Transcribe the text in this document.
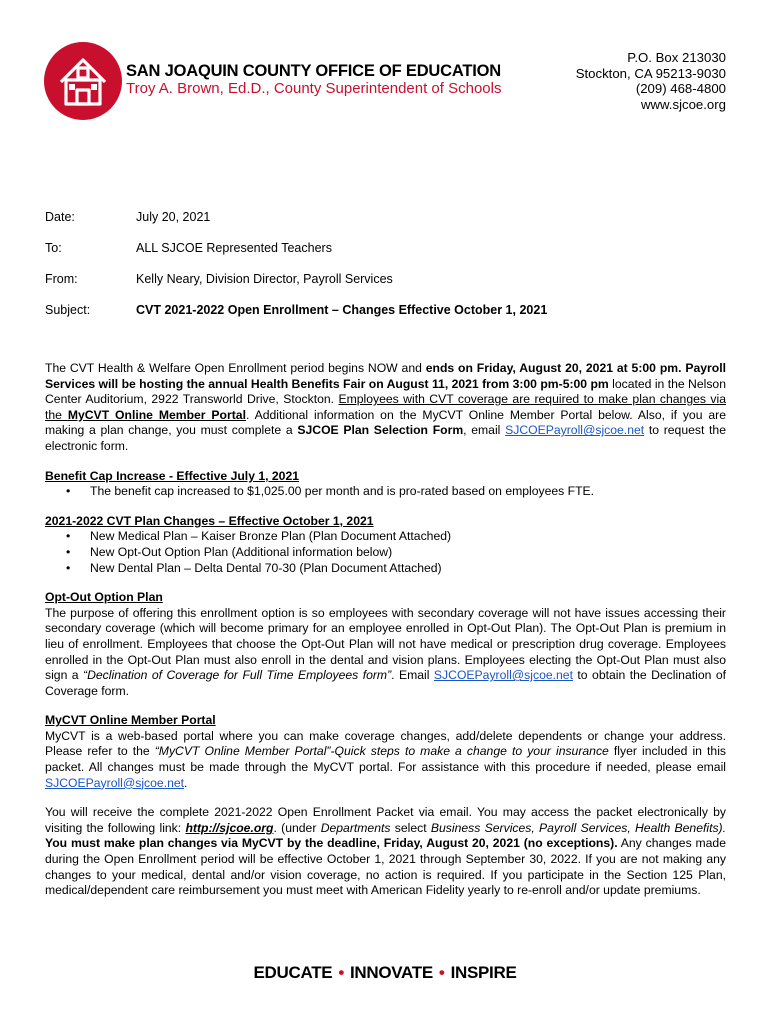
SAN JOAQUIN COUNTY OFFICE OF EDUCATION
Troy A. Brown, Ed.D., County Superintendent of Schools
P.O. Box 213030
Stockton, CA 95213-9030
(209) 468-4800
www.sjcoe.org
Date:	July 20, 2021
To:	ALL SJCOE Represented Teachers
From:	Kelly Neary, Division Director, Payroll Services
Subject:	CVT 2021-2022 Open Enrollment – Changes Effective October 1, 2021

The CVT Health & Welfare Open Enrollment period begins NOW and ends on Friday, August 20, 2021 at 5:00 pm. Payroll Services will be hosting the annual Health Benefits Fair on August 11, 2021 from 3:00 pm-5:00 pm located in the Nelson Center Auditorium, 2922 Transworld Drive, Stockton. Employees with CVT coverage are required to make plan changes via the MyCVT Online Member Portal. Additional information on the MyCVT Online Member Portal below. Also, if you are making a plan change, you must complete a SJCOE Plan Selection Form, email SJCOEPayroll@sjcoe.net to request the electronic form.

Benefit Cap Increase - Effective July 1, 2021

• The benefit cap increased to $1,025.00 per month and is pro-rated based on employees FTE.

2021-2022 CVT Plan Changes – Effective October 1, 2021

• New Medical Plan – Kaiser Bronze Plan (Plan Document Attached)
• New Opt-Out Option Plan (Additional information below)
• New Dental Plan – Delta Dental 70-30 (Plan Document Attached)

Opt-Out Option Plan

The purpose of offering this enrollment option is so employees with secondary coverage will not have issues accessing their secondary coverage (which will become primary for an employee enrolled in Opt-Out Plan). The Opt-Out Plan is premium in lieu of enrollment. Employees that choose the Opt-Out Plan will not have medical or prescription drug coverage. Employees enrolled in the Opt-Out Plan must also enroll in the dental and vision plans. Employees electing the Opt-Out Plan must also sign a “Declination of Coverage for Full Time Employees form”. Email SJCOEPayroll@sjcoe.net to obtain the Declination of Coverage form.

MyCVT Online Member Portal

MyCVT is a web-based portal where you can make coverage changes, add/delete dependents or change your address. Please refer to the “MyCVT Online Member Portal”-Quick steps to make a change to your insurance flyer included in this packet. All changes must be made through the MyCVT portal. For assistance with this procedure if needed, please email SJCOEPayroll@sjcoe.net.

You will receive the complete 2021-2022 Open Enrollment Packet via email. You may access the packet electronically by visiting the following link: http://sjcoe.org. (under Departments select Business Services, Payroll Services, Health Benefits). You must make plan changes via MyCVT by the deadline, Friday, August 20, 2021 (no exceptions). Any changes made during the Open Enrollment period will be effective October 1, 2021 through September 30, 2022. If you are not making any changes to your medical, dental and/or vision coverage, no action is required. If you participate in the Section 125 Plan, medical/dependent care reimbursement you must meet with American Fidelity yearly to re-enroll and/or update premiums.

EDUCATE • INNOVATE • INSPIRE
